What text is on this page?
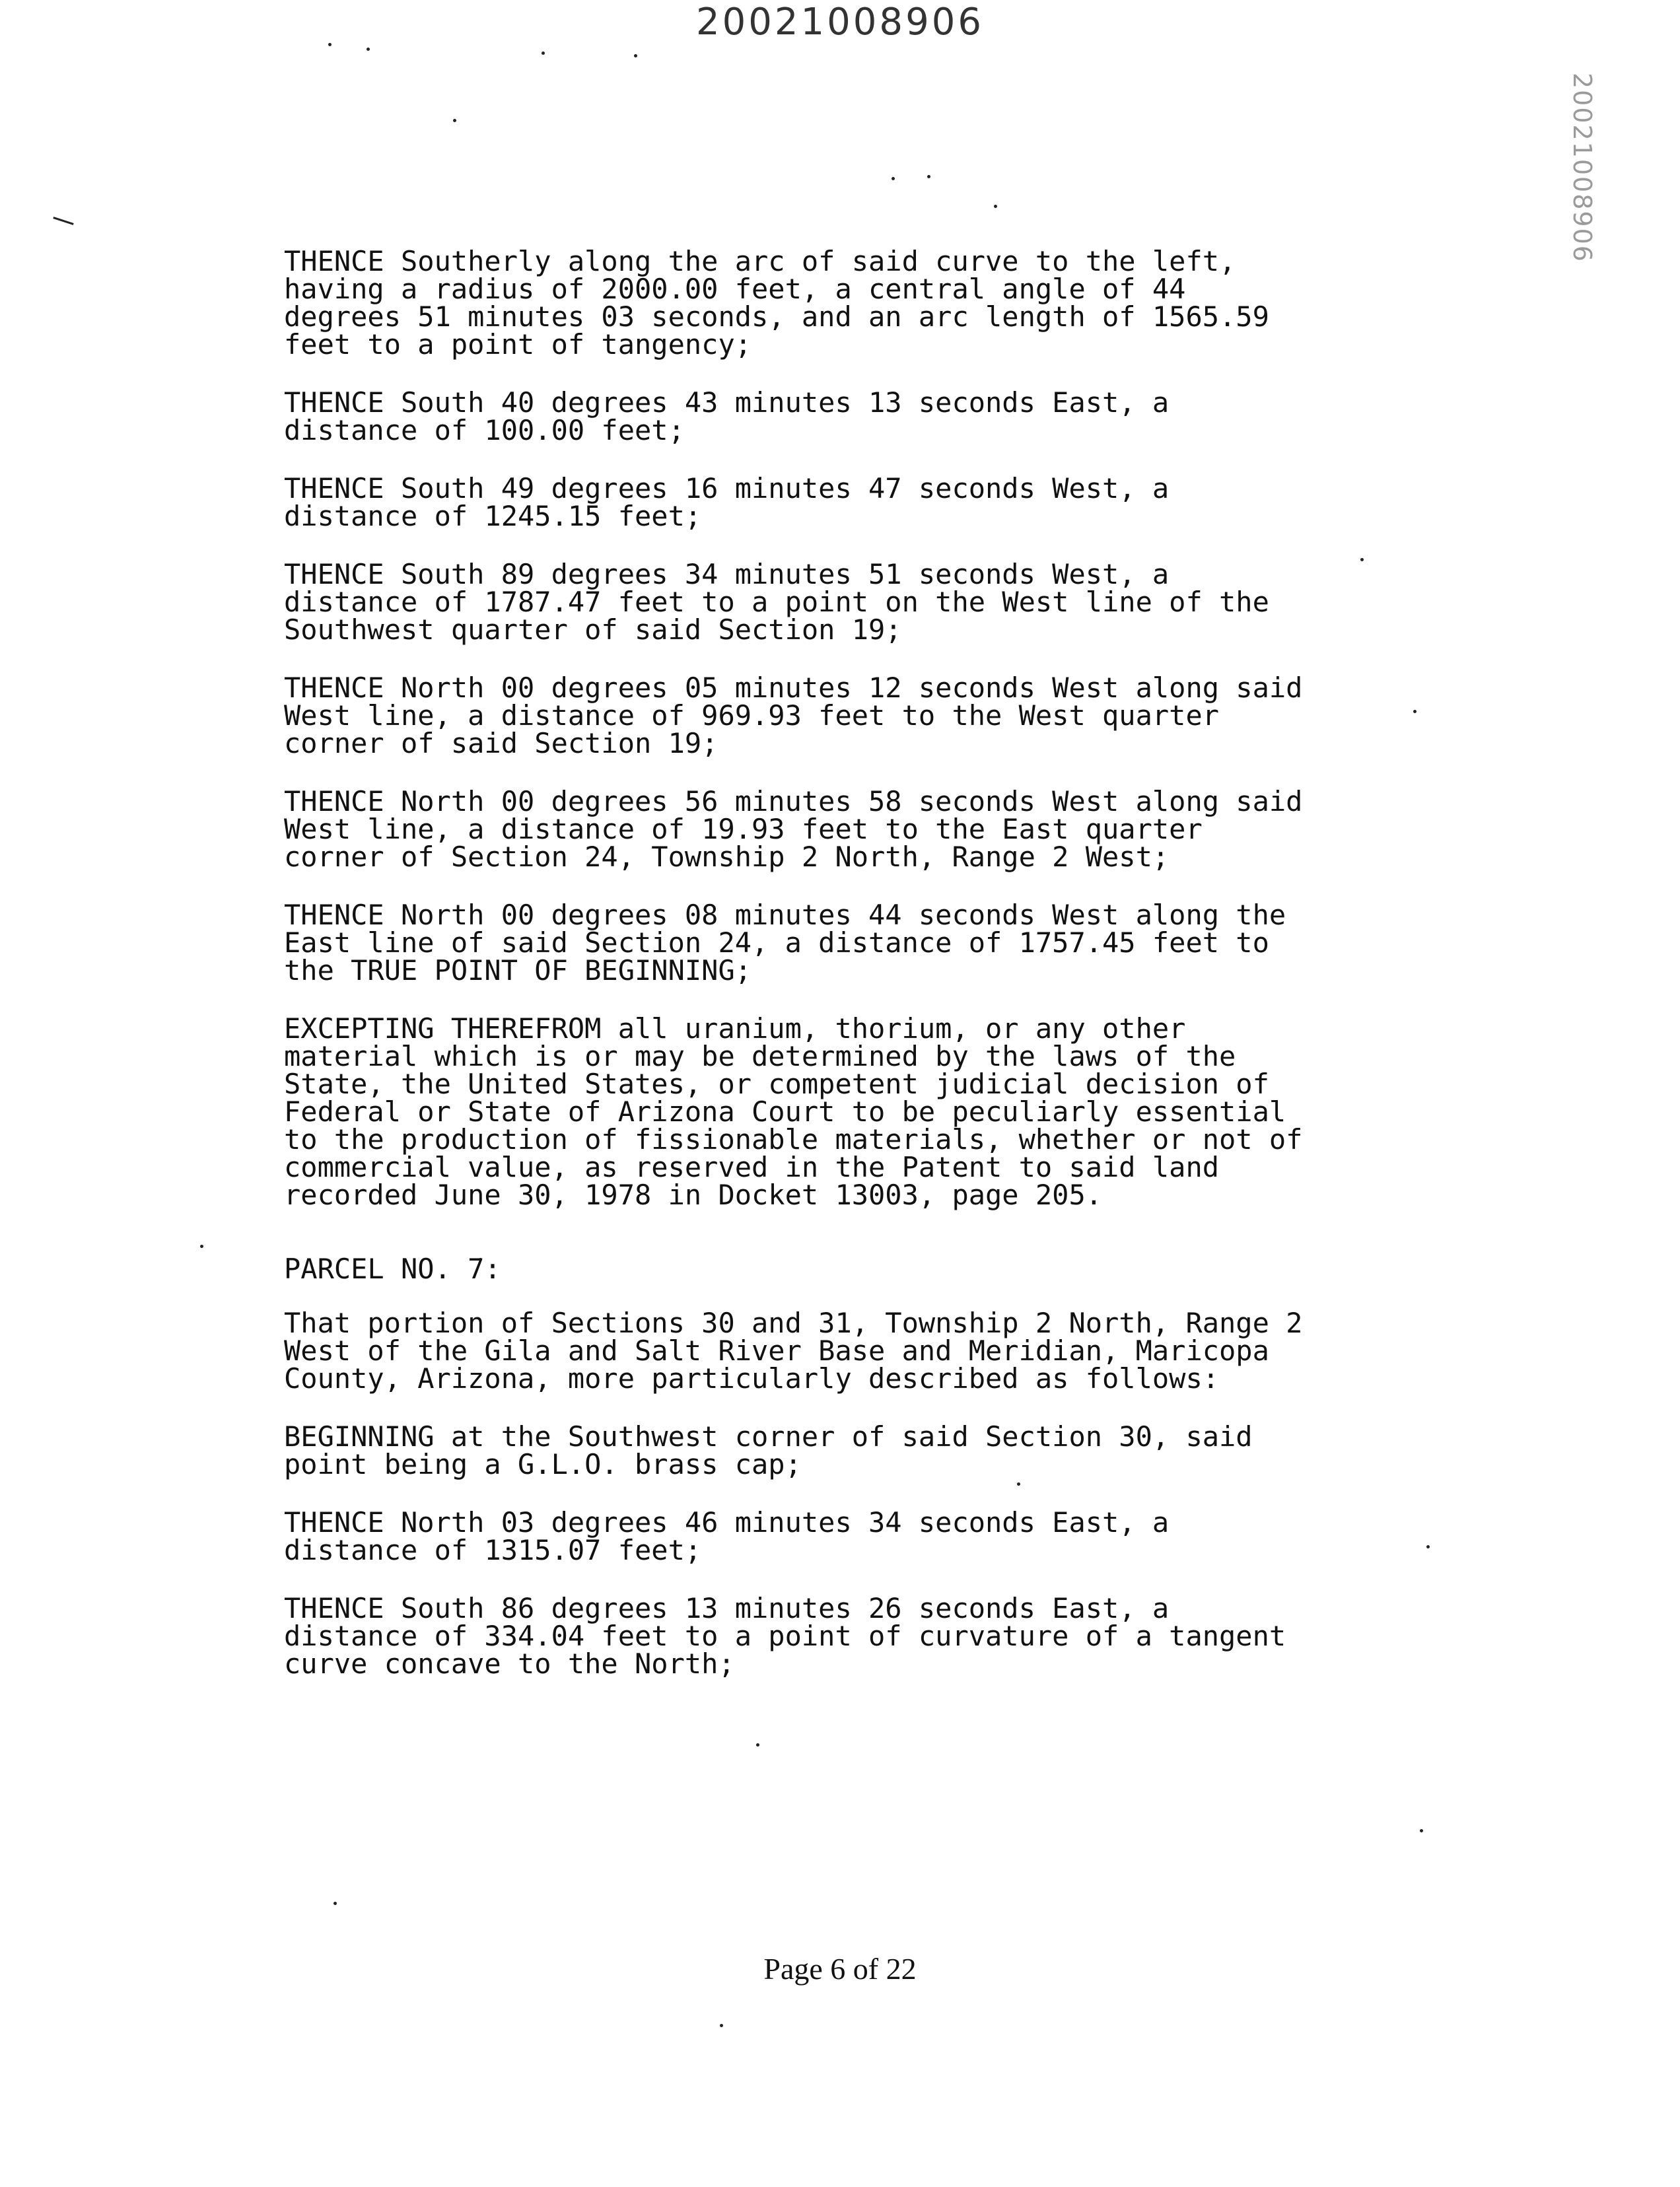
20021008906
20021008906

THENCE Southerly along the arc of said curve to the left,
having a radius of 2000.00 feet, a central angle of 44
degrees 51 minutes 03 seconds, and an arc length of 1565.59
feet to a point of tangency;

THENCE South 40 degrees 43 minutes 13 seconds East, a
distance of 100.00 feet;

THENCE South 49 degrees 16 minutes 47 seconds West, a
distance of 1245.15 feet;

THENCE South 89 degrees 34 minutes 51 seconds West, a
distance of 1787.47 feet to a point on the West line of the
Southwest quarter of said Section 19;

THENCE North 00 degrees 05 minutes 12 seconds West along said
West line, a distance of 969.93 feet to the West quarter
corner of said Section 19;

THENCE North 00 degrees 56 minutes 58 seconds West along said
West line, a distance of 19.93 feet to the East quarter
corner of Section 24, Township 2 North, Range 2 West;

THENCE North 00 degrees 08 minutes 44 seconds West along the
East line of said Section 24, a distance of 1757.45 feet to
the TRUE POINT OF BEGINNING;

EXCEPTING THEREFROM all uranium, thorium, or any other
material which is or may be determined by the laws of the
State, the United States, or competent judicial decision of
Federal or State of Arizona Court to be peculiarly essential
to the production of fissionable materials, whether or not of
commercial value, as reserved in the Patent to said land
recorded June 30, 1978 in Docket 13003, page 205.

PARCEL NO. 7:

That portion of Sections 30 and 31, Township 2 North, Range 2
West of the Gila and Salt River Base and Meridian, Maricopa
County, Arizona, more particularly described as follows:

BEGINNING at the Southwest corner of said Section 30, said
point being a G.L.O. brass cap;

THENCE North 03 degrees 46 minutes 34 seconds East, a
distance of 1315.07 feet;

THENCE South 86 degrees 13 minutes 26 seconds East, a
distance of 334.04 feet to a point of curvature of a tangent
curve concave to the North;

Page 6 of 22
